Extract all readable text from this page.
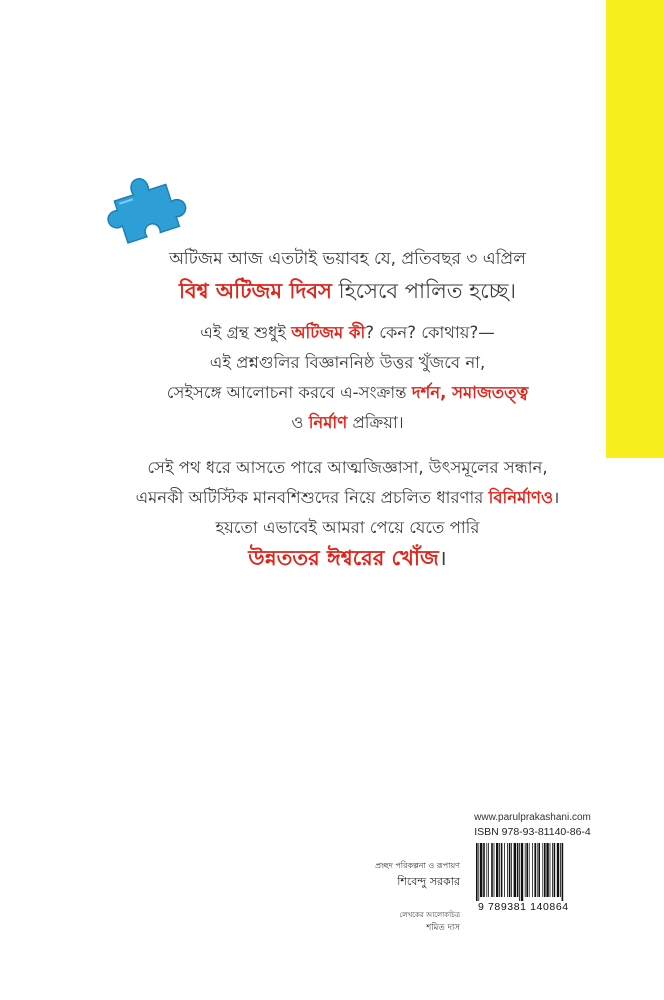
অটিজম আজ এতটাই ভয়াবহ যে, প্রতিবছর ৩ এপ্রিল
বিশ্ব অটিজম দিবস হিসেবে পালিত হচ্ছে।
এই গ্রন্থ শুধুই অটিজম কী? কেন? কোথায়?—
এই প্রশ্নগুলির বিজ্ঞাননিষ্ঠ উত্তর খুঁজবে না,
সেইসঙ্গে আলোচনা করবে এ-সংক্রান্ত দর্শন, সমাজতত্ত্ব
ও নির্মাণ প্রক্রিয়া।
সেই পথ ধরে আসতে পারে আত্মজিজ্ঞাসা, উৎসমূলের সন্ধান,
এমনকী অটিস্টিক মানবশিশুদের নিয়ে প্রচলিত ধারণার বিনির্মাণও।
হয়তো এভাবেই আমরা পেয়ে যেতে পারি
উন্নততর ঈশ্বরের খোঁজ।
www.parulprakashani.com
ISBN 978-93-81140-86-4
9 789381 140864
প্রচ্ছদ পরিকল্পনা ও রূপায়ণ
শিবেন্দু সরকার
লেখকের আলোকচিত্র
শমিত দাস
